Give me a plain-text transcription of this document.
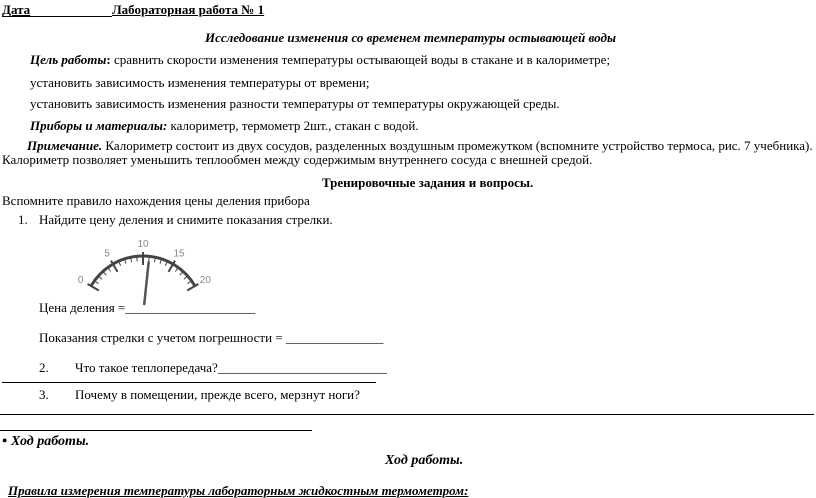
Дата	Лабораторная работа № 1
Исследование изменения со временем температуры остывающей воды
Цель работы: сравнить скорости изменения температуры остывающей воды в стакане и в калориметре;
установить зависимость изменения температуры от времени;
установить зависимость изменения разности температуры от температуры окружающей среды.
Приборы и материалы: калориметр, термометр 2шт., стакан с водой.
Примечание. Калориметр состоит из двух сосудов, разделенных воздушным промежутком (вспомните устройство термоса, рис. 7 учебника).
Калориметр позволяет уменьшить теплообмен между содержимым внутреннего сосуда с внешней средой.
Тренировочные задания и вопросы.
Вспомните правило нахождения цены деления прибора
1. Найдите цену деления и снимите показания стрелки.
0
5
10
15
20
Цена деления =____________________
Показания стрелки с учетом погрешности = _______________
2. Что такое теплопередача?__________________________
3. Почему в помещении, прежде всего, мерзнут ноги?
● Ход работы.
Ход работы.
Правила измерения температуры лабораторным жидкостным термометром:
